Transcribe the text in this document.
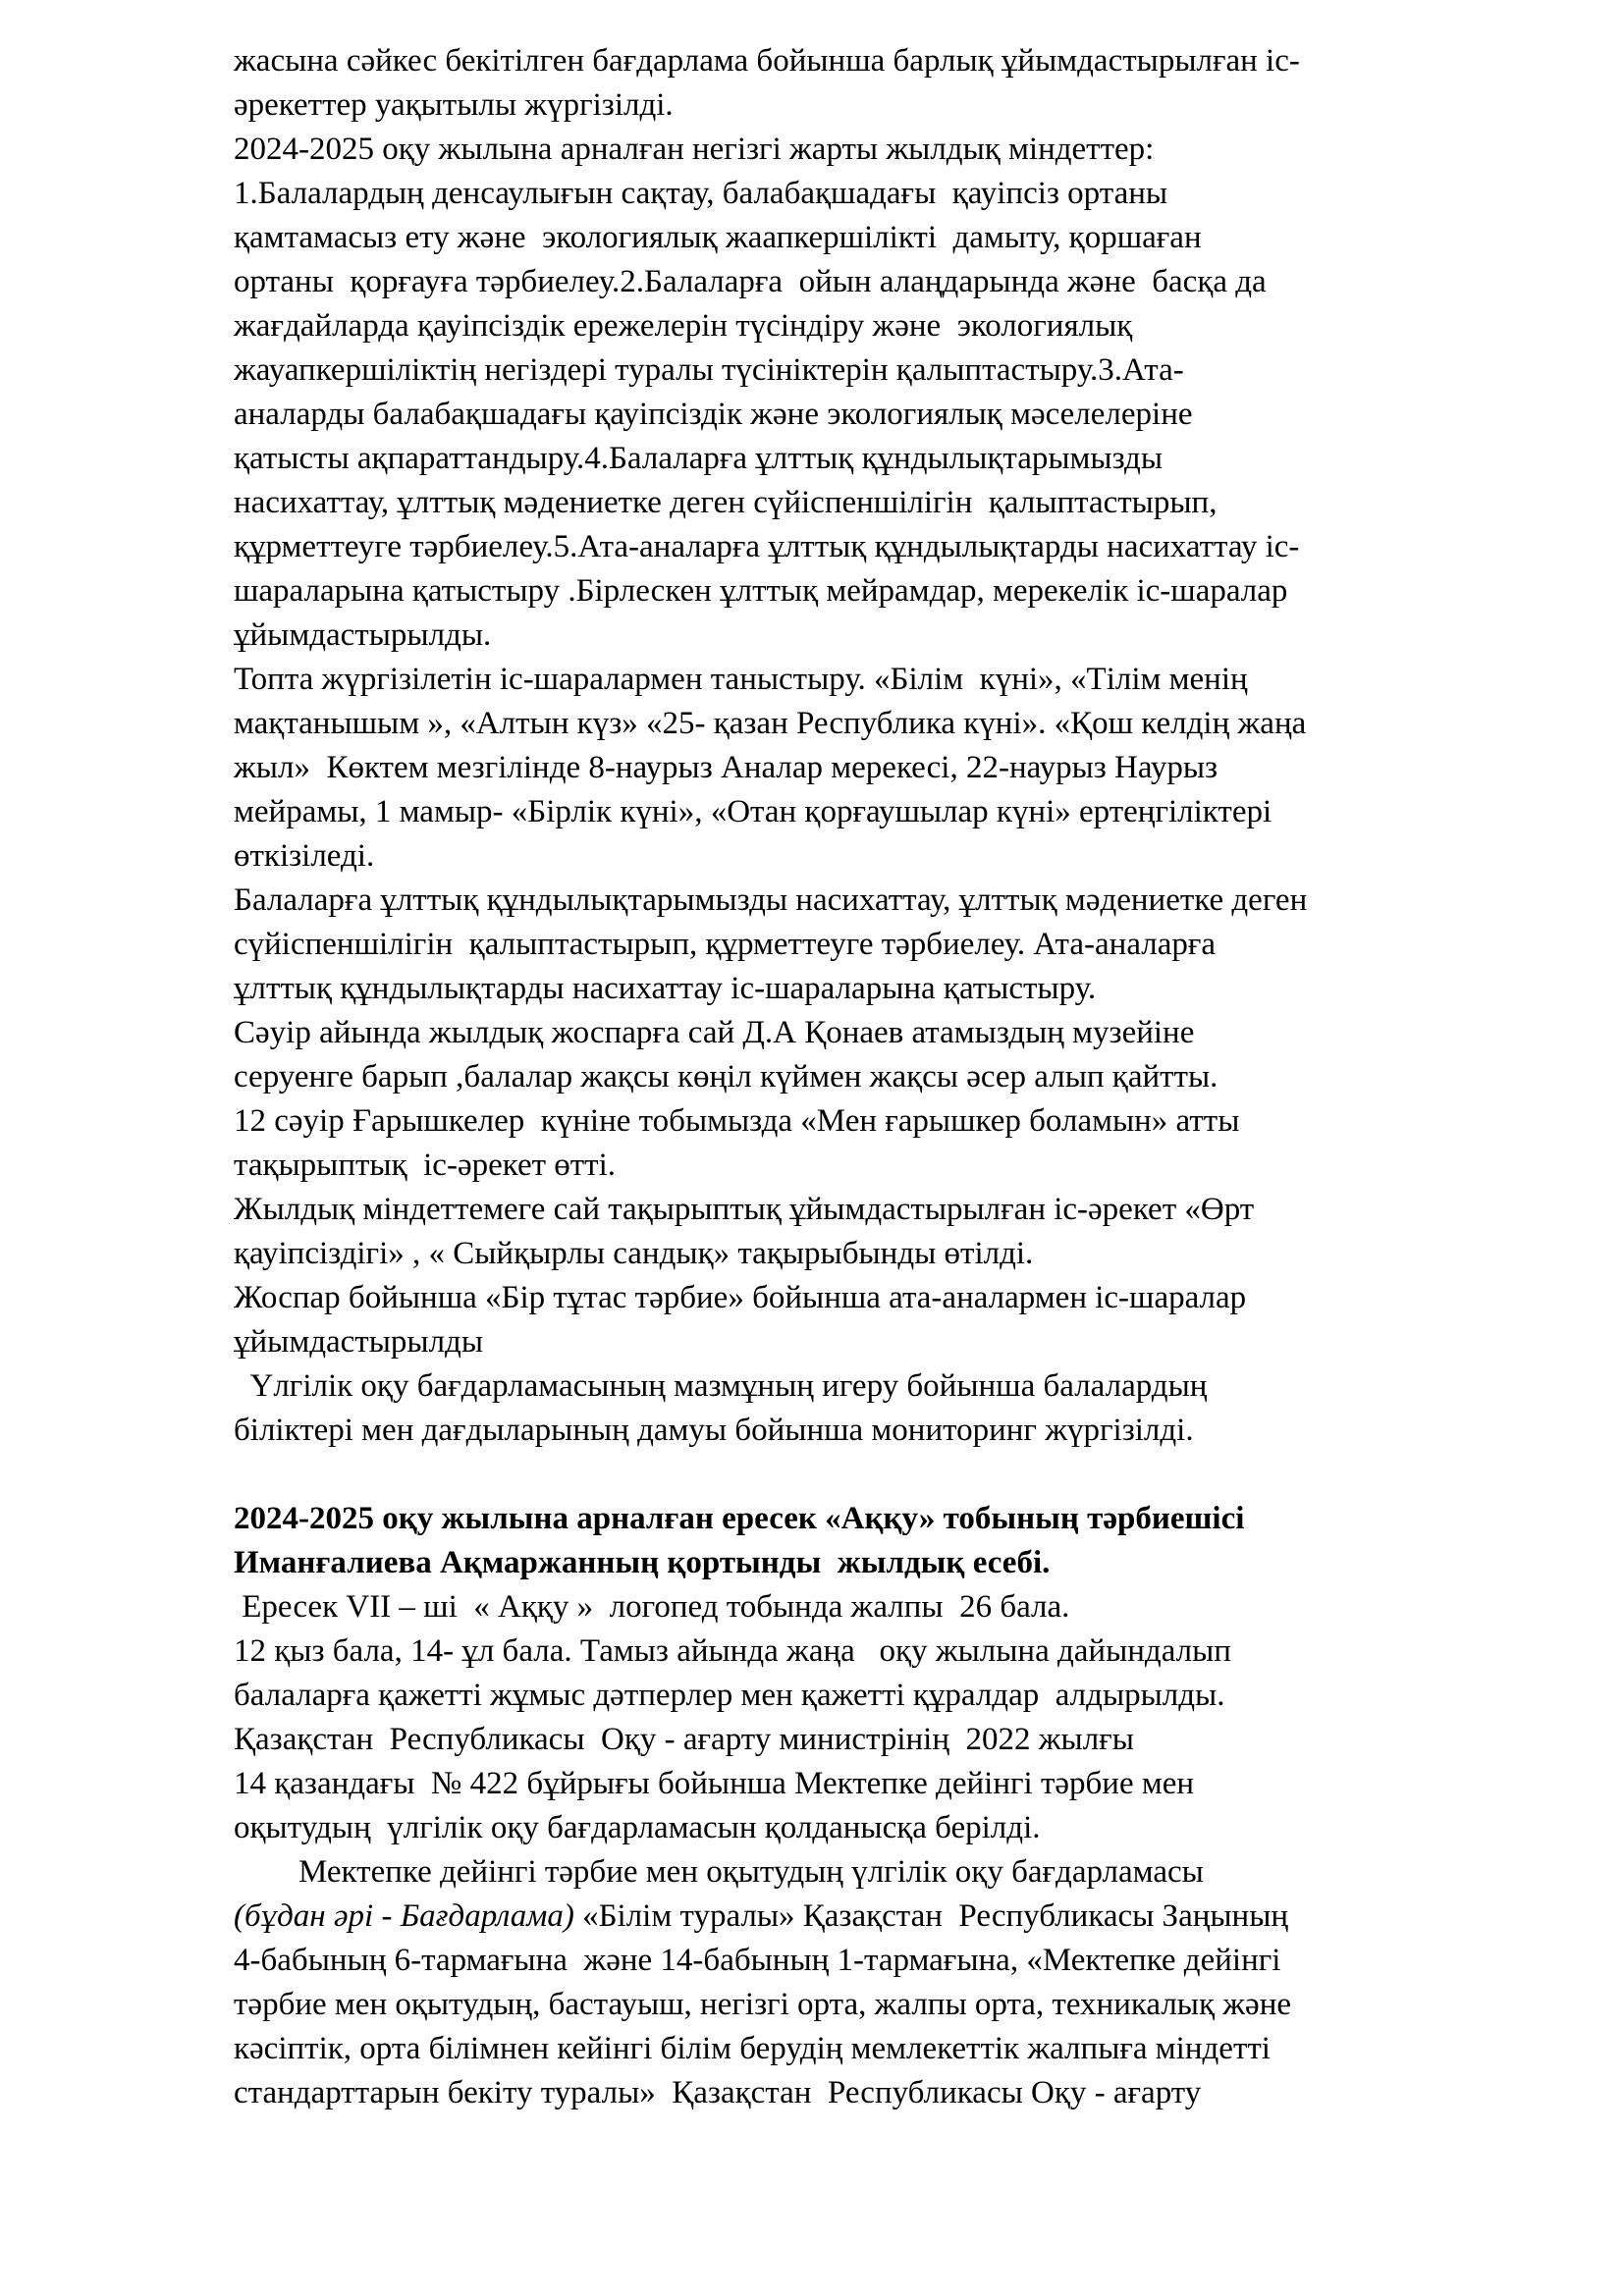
жасына сәйкес бекітілген бағдарлама бойынша барлық ұйымдастырылған іс-
әрекеттер уақытылы жүргізілді.
2024-2025 оқу жылына арналған негізгі жарты жылдық міндеттер:
1.Балалардың денсаулығын сақтау, балабақшадағы  қауіпсіз ортаны
қамтамасыз ету және  экологиялық жаапкершілікті  дамыту, қоршаған
ортаны  қорғауға тәрбиелеу.2.Балаларға  ойын алаңдарында және  басқа да
жағдайларда қауіпсіздік ережелерін түсіндіру және  экологиялық
жауапкершіліктің негіздері туралы түсініктерін қалыптастыру.3.Ата-
аналарды балабақшадағы қауіпсіздік және экологиялық мәселелеріне
қатысты ақпараттандыру.4.Балаларға ұлттық құндылықтарымызды
насихаттау, ұлттық мәдениетке деген сүйіспеншілігін  қалыптастырып,
құрметтеуге тәрбиелеу.5.Ата-аналарға ұлттық құндылықтарды насихаттау іс-
шараларына қатыстыру .Бірлескен ұлттық мейрамдар, мерекелік іс-шаралар
ұйымдастырылды.
Топта жүргізілетін іс-шаралармен таныстыру. «Білім  күні», «Тілім менің
мақтанышым », «Алтын күз» «25- қазан Республика күні». «Қош келдің жаңа
жыл»  Көктем мезгілінде 8-наурыз Аналар мерекесі, 22-наурыз Наурыз
мейрамы, 1 мамыр- «Бірлік күні», «Отан қорғаушылар күні» ертеңгіліктері
өткізіледі.
Балаларға ұлттық құндылықтарымызды насихаттау, ұлттық мәдениетке деген
сүйіспеншілігін  қалыптастырып, құрметтеуге тәрбиелеу. Ата-аналарға
ұлттық құндылықтарды насихаттау іс-шараларына қатыстыру.
Сәуір айында жылдық жоспарға сай Д.А Қонаев атамыздың музейіне
серуенге барып ,балалар жақсы көңіл күймен жақсы әсер алып қайтты.
12 сәуір Ғарышкелер  күніне тобымызда «Мен ғарышкер боламын» атты
тақырыптық  іс-әрекет өтті.
Жылдық міндеттемеге сай тақырыптық ұйымдастырылған іс-әрекет «Өрт
қауіпсіздігі» , « Сыйқырлы сандық» тақырыбынды өтілді.
Жоспар бойынша «Бір тұтас тәрбие» бойынша ата-аналармен іс-шаралар
ұйымдастырылды
Үлгілік оқу бағдарламасының мазмұның игеру бойынша балалардың
біліктері мен дағдыларының дамуы бойынша мониторинг жүргізілді.
2024-2025 оқу жылына арналған ересек «Аққу» тобының тәрбиешісі
Иманғалиева Ақмаржанның қортынды  жылдық есебі.
Ересек VII – ші  « Аққу »  логопед тобында жалпы  26 бала.
12 қыз бала, 14- ұл бала. Тамыз айында жаңа   оқу жылына дайындалып
балаларға қажетті жұмыс дәтперлер мен қажетті құралдар  алдырылды.
Қазақстан  Республикасы  Оқу - ағарту министрінің  2022 жылғы
14 қазандағы  № 422 бұйрығы бойынша Мектепке дейінгі тәрбие мен
оқытудың  үлгілік оқу бағдарламасын қолданысқа берілді.
Мектепке дейінгі тәрбие мен оқытудың үлгілік оқу бағдарламасы
(бұдан әрі - Бағдарлама) «Білім туралы» Қазақстан  Республикасы Заңының
4-бабының 6-тармағына  және 14-бабының 1-тармағына, «Мектепке дейінгі
тәрбие мен оқытудың, бастауыш, негізгі орта, жалпы орта, техникалық және
кәсіптік, орта білімнен кейінгі білім берудің мемлекеттік жалпыға міндетті
стандарттарын бекіту туралы»  Қазақстан  Республикасы Оқу - ағарту
